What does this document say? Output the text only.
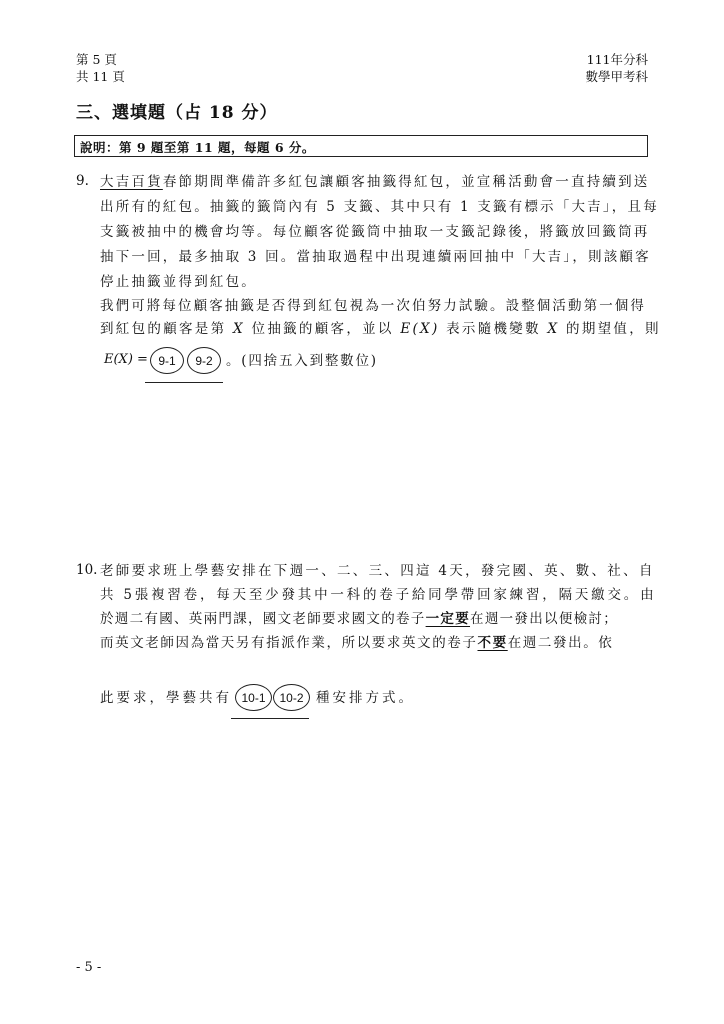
第 5 頁
共 11 頁
111年分科
數學甲考科
三、選填題（占 18 分）
說明：第 9 題至第 11 題，每題 6 分。
9. 大吉百貨春節期間準備許多紅包讓顧客抽籤得紅包，並宣稱活動會一直持續到送
出所有的紅包。抽籤的籤筒內有 5 支籤、其中只有 1 支籤有標示「大吉」，且每
支籤被抽中的機會均等。每位顧客從籤筒中抽取一支籤記錄後，將籤放回籤筒再
抽下一回，最多抽取 3 回。當抽取過程中出現連續兩回抽中「大吉」，則該顧客
停止抽籤並得到紅包。
我們可將每位顧客抽籤是否得到紅包視為一次伯努力試驗。設整個活動第一個得
到紅包的顧客是第 X 位抽籤的顧客，並以 E(X) 表示隨機變數 X 的期望值，則
E(X) = 9-1	9-2 。(四捨五入到整數位)
10. 老師要求班上學藝安排在下週一、二、三、四這 4天，發完國、英、數、社、自
共 5張複習卷，每天至少發其中一科的卷子給同學帶回家練習，隔天繳交。由
於週二有國、英兩門課，國文老師要求國文的卷子一定要在週一發出以便檢討；
而英文老師因為當天另有指派作業，所以要求英文的卷子不要在週二發出。依
此要求，學藝共有 10-1	10-2 種安排方式。
- 5 -
